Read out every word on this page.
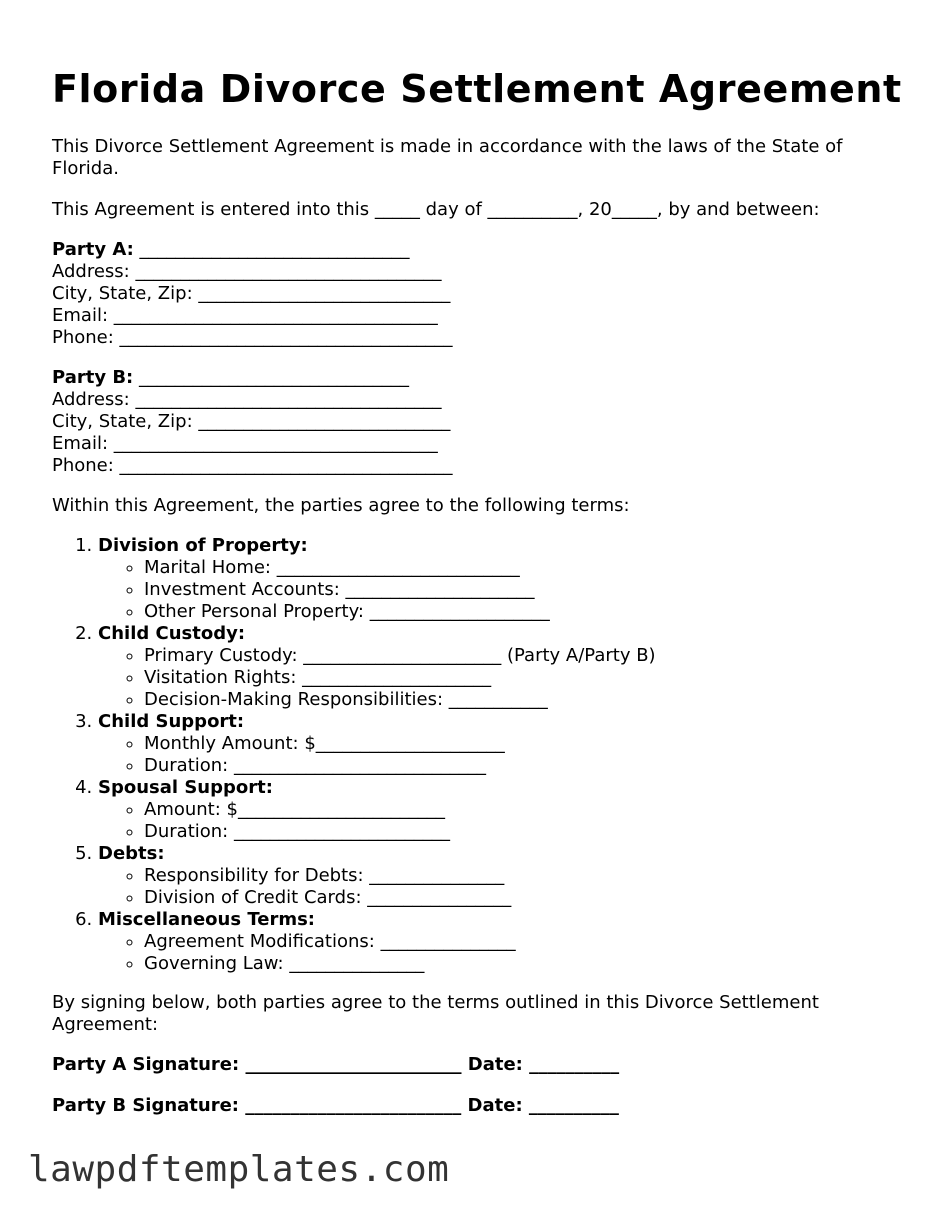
Florida Divorce Settlement Agreement
This Divorce Settlement Agreement is made in accordance with the laws of the State of Florida.
This Agreement is entered into this _____ day of __________, 20_____, by and between:
Party A: ______________________________
Address: __________________________________
City, State, Zip: ____________________________
Email: ____________________________________
Phone: _____________________________________
Party B: ______________________________
Address: __________________________________
City, State, Zip: ____________________________
Email: ____________________________________
Phone: _____________________________________
Within this Agreement, the parties agree to the following terms:
1. Division of Property:
◦ Marital Home: ___________________________
◦ Investment Accounts: _____________________
◦ Other Personal Property: ____________________
2. Child Custody:
◦ Primary Custody: ______________________ (Party A/Party B)
◦ Visitation Rights: _____________________
◦ Decision-Making Responsibilities: ___________
3. Child Support:
◦ Monthly Amount: $_____________________
◦ Duration: ____________________________
4. Spousal Support:
◦ Amount: $_______________________
◦ Duration: ________________________
5. Debts:
◦ Responsibility for Debts: _______________
◦ Division of Credit Cards: ________________
6. Miscellaneous Terms:
◦ Agreement Modifications: _______________
◦ Governing Law: _______________
By signing below, both parties agree to the terms outlined in this Divorce Settlement Agreement:
Party A Signature: ________________________ Date: __________
Party B Signature: ________________________ Date: __________
lawpdftemplates.com
